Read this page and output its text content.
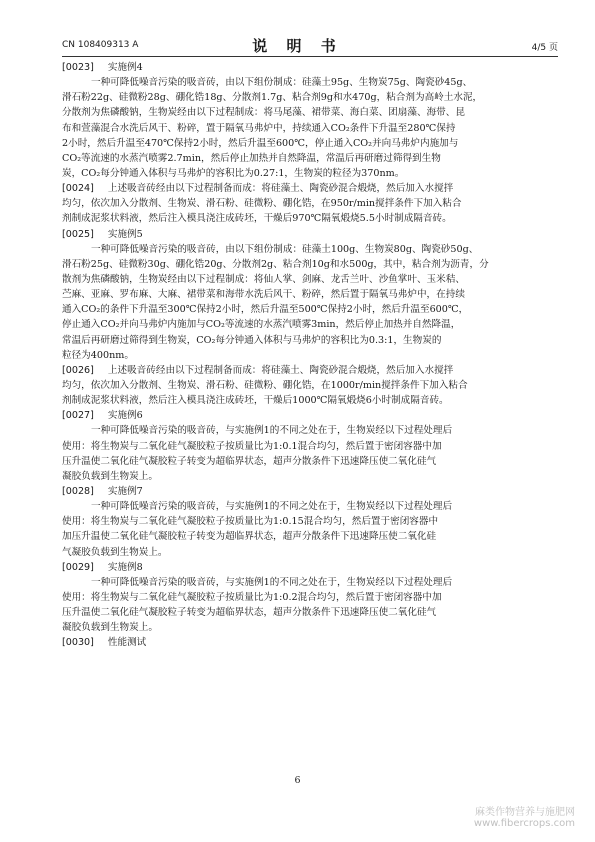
CN 108409313 A	说 明 书	4/5 页
[0023] 实施例4
一种可降低噪音污染的吸音砖，由以下组份制成：硅藻土95g、生物炭75g、陶瓷砂45g、
滑石粉22g、硅微粉28g、硼化锆18g、分散剂1.7g、粘合剂9g和水470g，粘合剂为高岭土水泥，
分散剂为焦磷酸钠，生物炭经由以下过程制成：将马尾藻、裙带菜、海白菜、团扇藻、海带、昆
布和萱藻混合水洗后风干、粉碎，置于隔氧马弗炉中，持续通入CO₂条件下升温至280℃保持
2小时，然后升温至470℃保持2小时，然后升温至600℃，停止通入CO₂并向马弗炉内施加与
CO₂等流速的水蒸汽喷雾2.7min，然后停止加热并自然降温，常温后再研磨过筛得到生物
炭，CO₂每分钟通入体积与马弗炉的容积比为0.27:1，生物炭的粒径为370nm。
[0024] 上述吸音砖经由以下过程制备而成：将硅藻土、陶瓷砂混合煅烧，然后加入水搅拌
均匀，依次加入分散剂、生物炭、滑石粉、硅微粉、硼化锆，在950r/min搅拌条件下加入粘合
剂制成泥浆状料液，然后注入模具浇注成砖坯，干燥后970℃隔氧煅烧5.5小时制成隔音砖。
[0025] 实施例5
一种可降低噪音污染的吸音砖，由以下组份制成：硅藻土100g、生物炭80g、陶瓷砂50g、
滑石粉25g、硅微粉30g、硼化锆20g、分散剂2g、粘合剂10g和水500g，其中，粘合剂为沥青，分
散剂为焦磷酸钠，生物炭经由以下过程制成：将仙人掌、剑麻、龙舌兰叶、沙鱼掌叶、玉米秸、
苎麻、亚麻、罗布麻、大麻、裙带菜和海带水洗后风干、粉碎，然后置于隔氧马弗炉中，在持续
通入CO₂的条件下升温至300℃保持2小时，然后升温至500℃保持2小时，然后升温至600℃，
停止通入CO₂并向马弗炉内施加与CO₂等流速的水蒸汽喷雾3min，然后停止加热并自然降温，
常温后再研磨过筛得到生物炭，CO₂每分钟通入体积与马弗炉的容积比为0.3:1，生物炭的
粒径为400nm。
[0026] 上述吸音砖经由以下过程制备而成：将硅藻土、陶瓷砂混合煅烧，然后加入水搅拌
均匀，依次加入分散剂、生物炭、滑石粉、硅微粉、硼化锆，在1000r/min搅拌条件下加入粘合
剂制成泥浆状料液，然后注入模具浇注成砖坯，干燥后1000℃隔氧煅烧6小时制成隔音砖。
[0027] 实施例6
一种可降低噪音污染的吸音砖，与实施例1的不同之处在于，生物炭经以下过程处理后
使用：将生物炭与二氧化硅气凝胶粒子按质量比为1:0.1混合均匀，然后置于密闭容器中加
压升温使二氧化硅气凝胶粒子转变为超临界状态，超声分散条件下迅速降压使二氧化硅气
凝胶负载到生物炭上。
[0028] 实施例7
一种可降低噪音污染的吸音砖，与实施例1的不同之处在于，生物炭经以下过程处理后
使用：将生物炭与二氧化硅气凝胶粒子按质量比为1:0.15混合均匀，然后置于密闭容器中
加压升温使二氧化硅气凝胶粒子转变为超临界状态，超声分散条件下迅速降压使二氧化硅
气凝胶负载到生物炭上。
[0029] 实施例8
一种可降低噪音污染的吸音砖，与实施例1的不同之处在于，生物炭经以下过程处理后
使用：将生物炭与二氧化硅气凝胶粒子按质量比为1:0.2混合均匀，然后置于密闭容器中加
压升温使二氧化硅气凝胶粒子转变为超临界状态，超声分散条件下迅速降压使二氧化硅气
凝胶负载到生物炭上。
[0030] 性能测试
6
麻类作物营养与施肥网
www.fibercrops.com
